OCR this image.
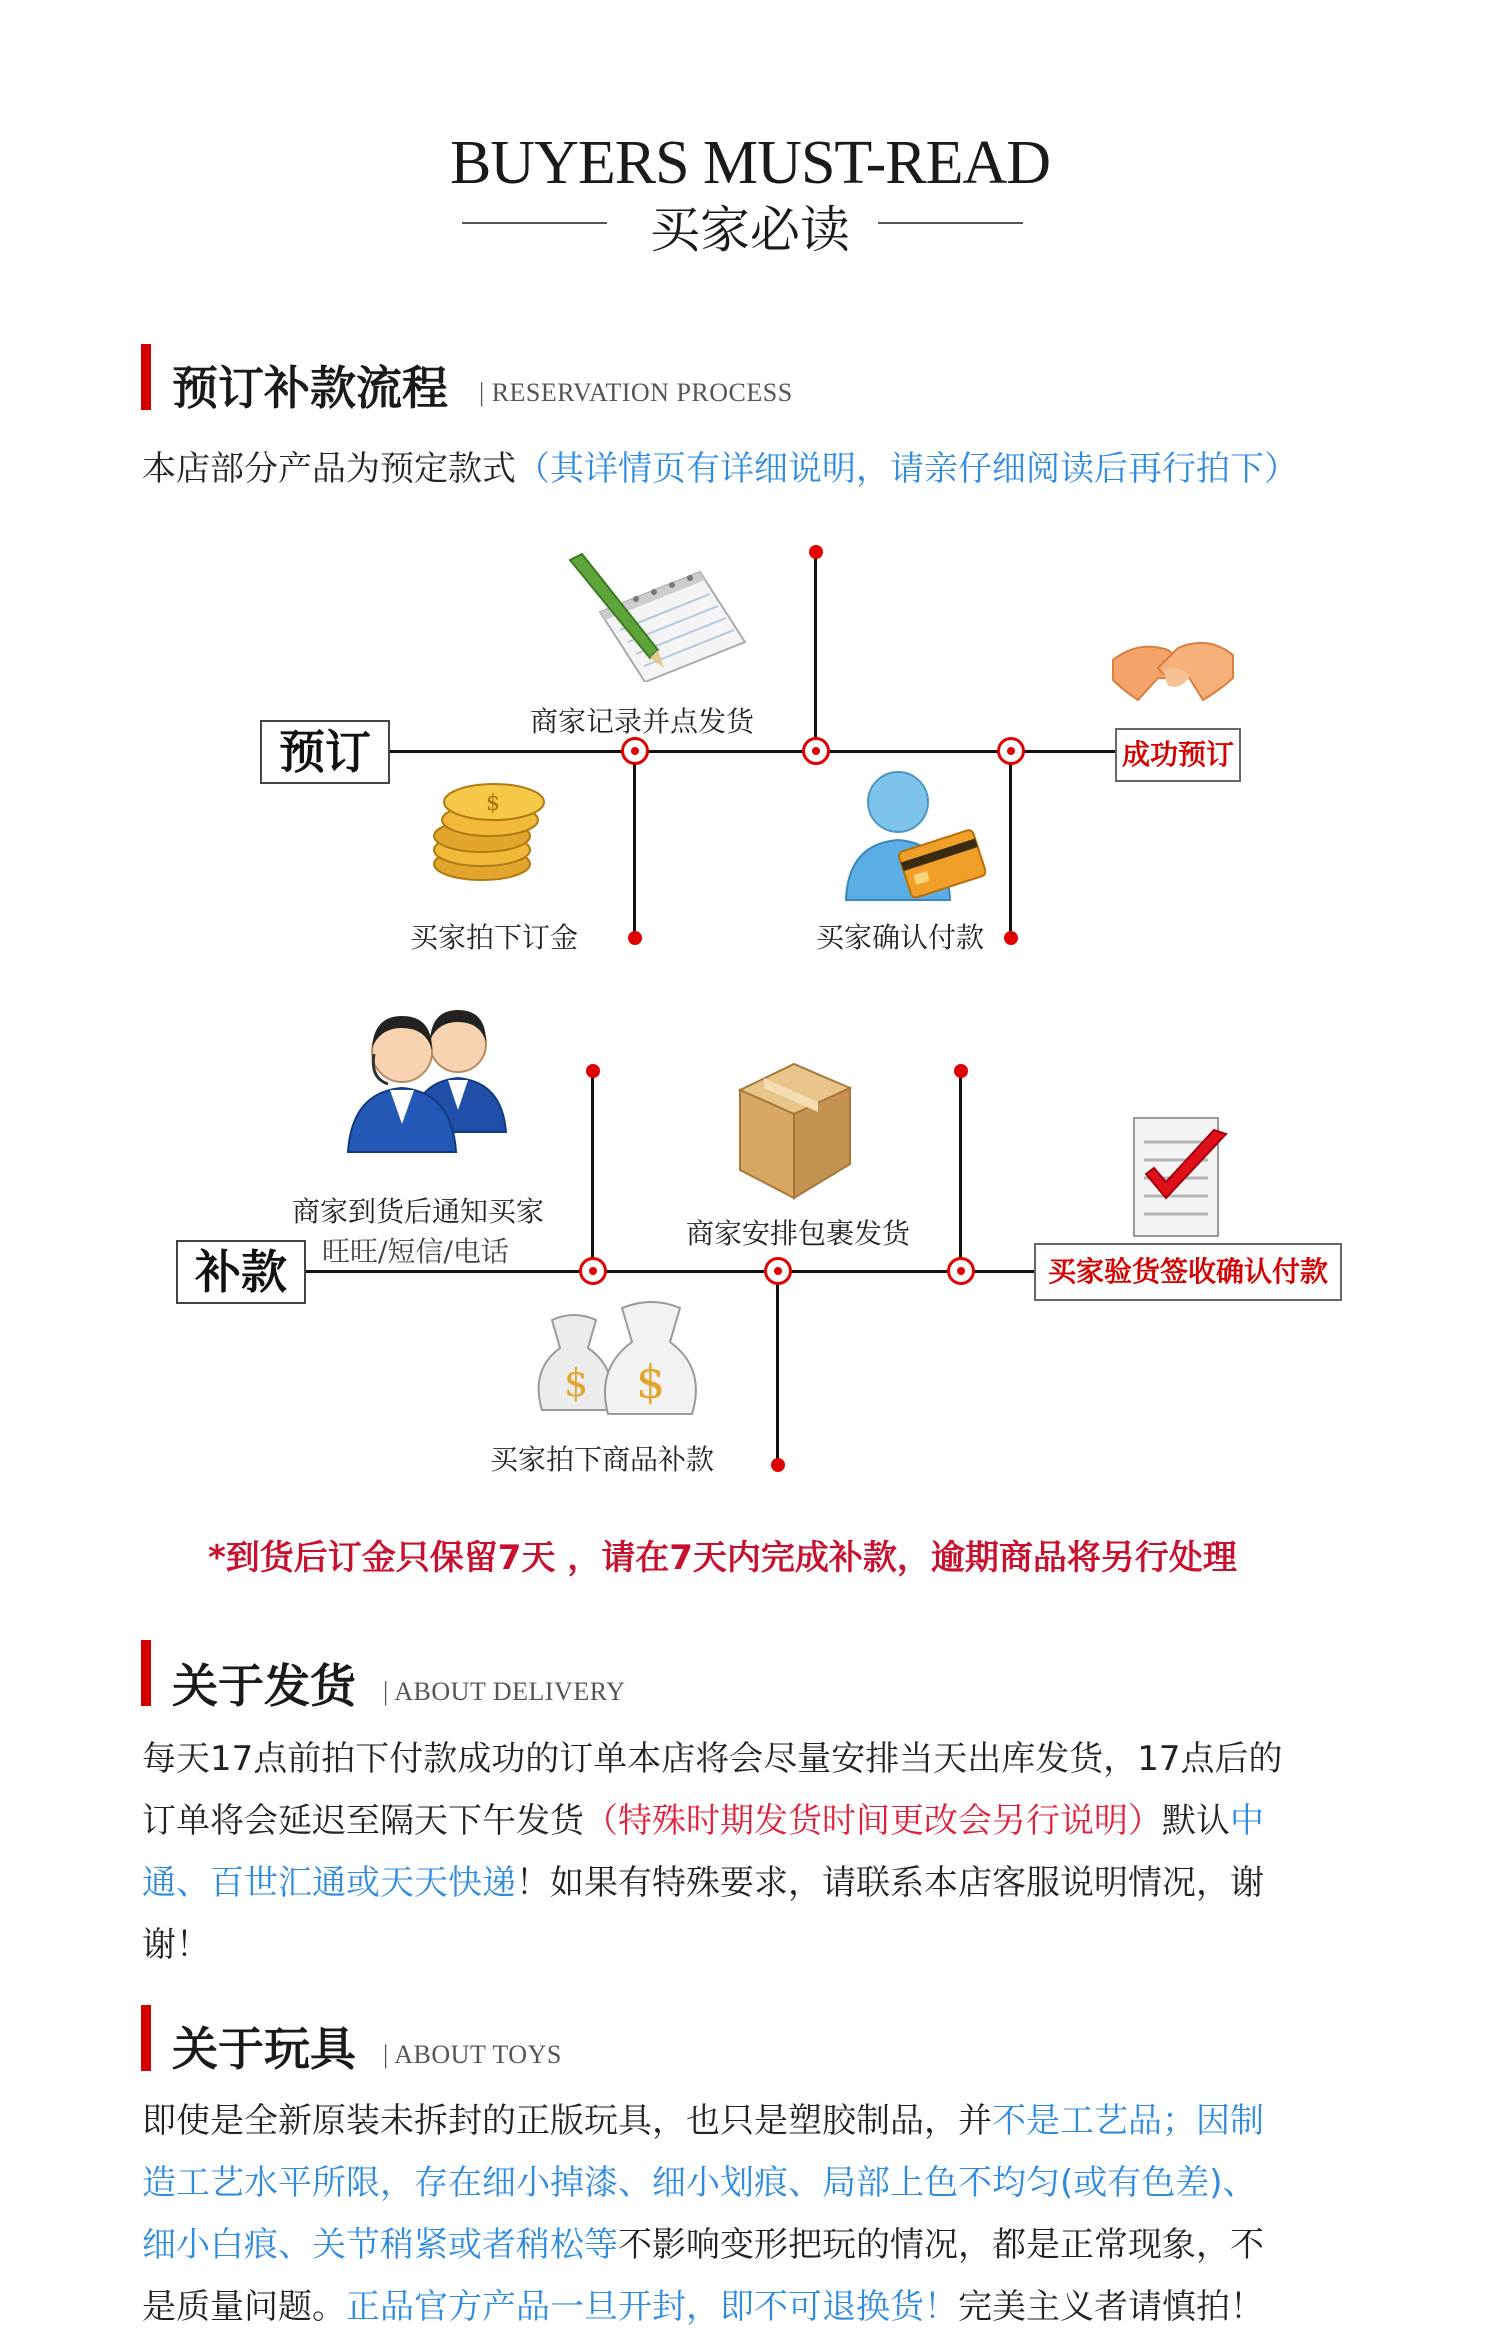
BUYERS MUST-READ
买家必读
预订补款流程 | RESERVATION PROCESS
本店部分产品为预定款式（其详情页有详细说明，请亲仔细阅读后再行拍下）
预订	成功预订
商家记录并点发货
买家拍下订金	买家确认付款
$
补款	买家验货签收确认付款
商家到货后通知买家
旺旺/短信/电话
商家安排包裹发货
买家拍下商品补款
$ $
*到货后订金只保留7天 ，请在7天内完成补款，逾期商品将另行处理
关于发货 | ABOUT DELIVERY
每天17点前拍下付款成功的订单本店将会尽量安排当天出库发货，17点后的
订单将会延迟至隔天下午发货（特殊时期发货时间更改会另行说明）默认中
通、百世汇通或天天快递！如果有特殊要求，请联系本店客服说明情况，谢
谢！
关于玩具 | ABOUT TOYS
即使是全新原装未拆封的正版玩具，也只是塑胶制品，并不是工艺品；因制
造工艺水平所限，存在细小掉漆、细小划痕、局部上色不均匀(或有色差)、
细小白痕、关节稍紧或者稍松等不影响变形把玩的情况，都是正常现象，不
是质量问题。正品官方产品一旦开封，即不可退换货！完美主义者请慎拍！
